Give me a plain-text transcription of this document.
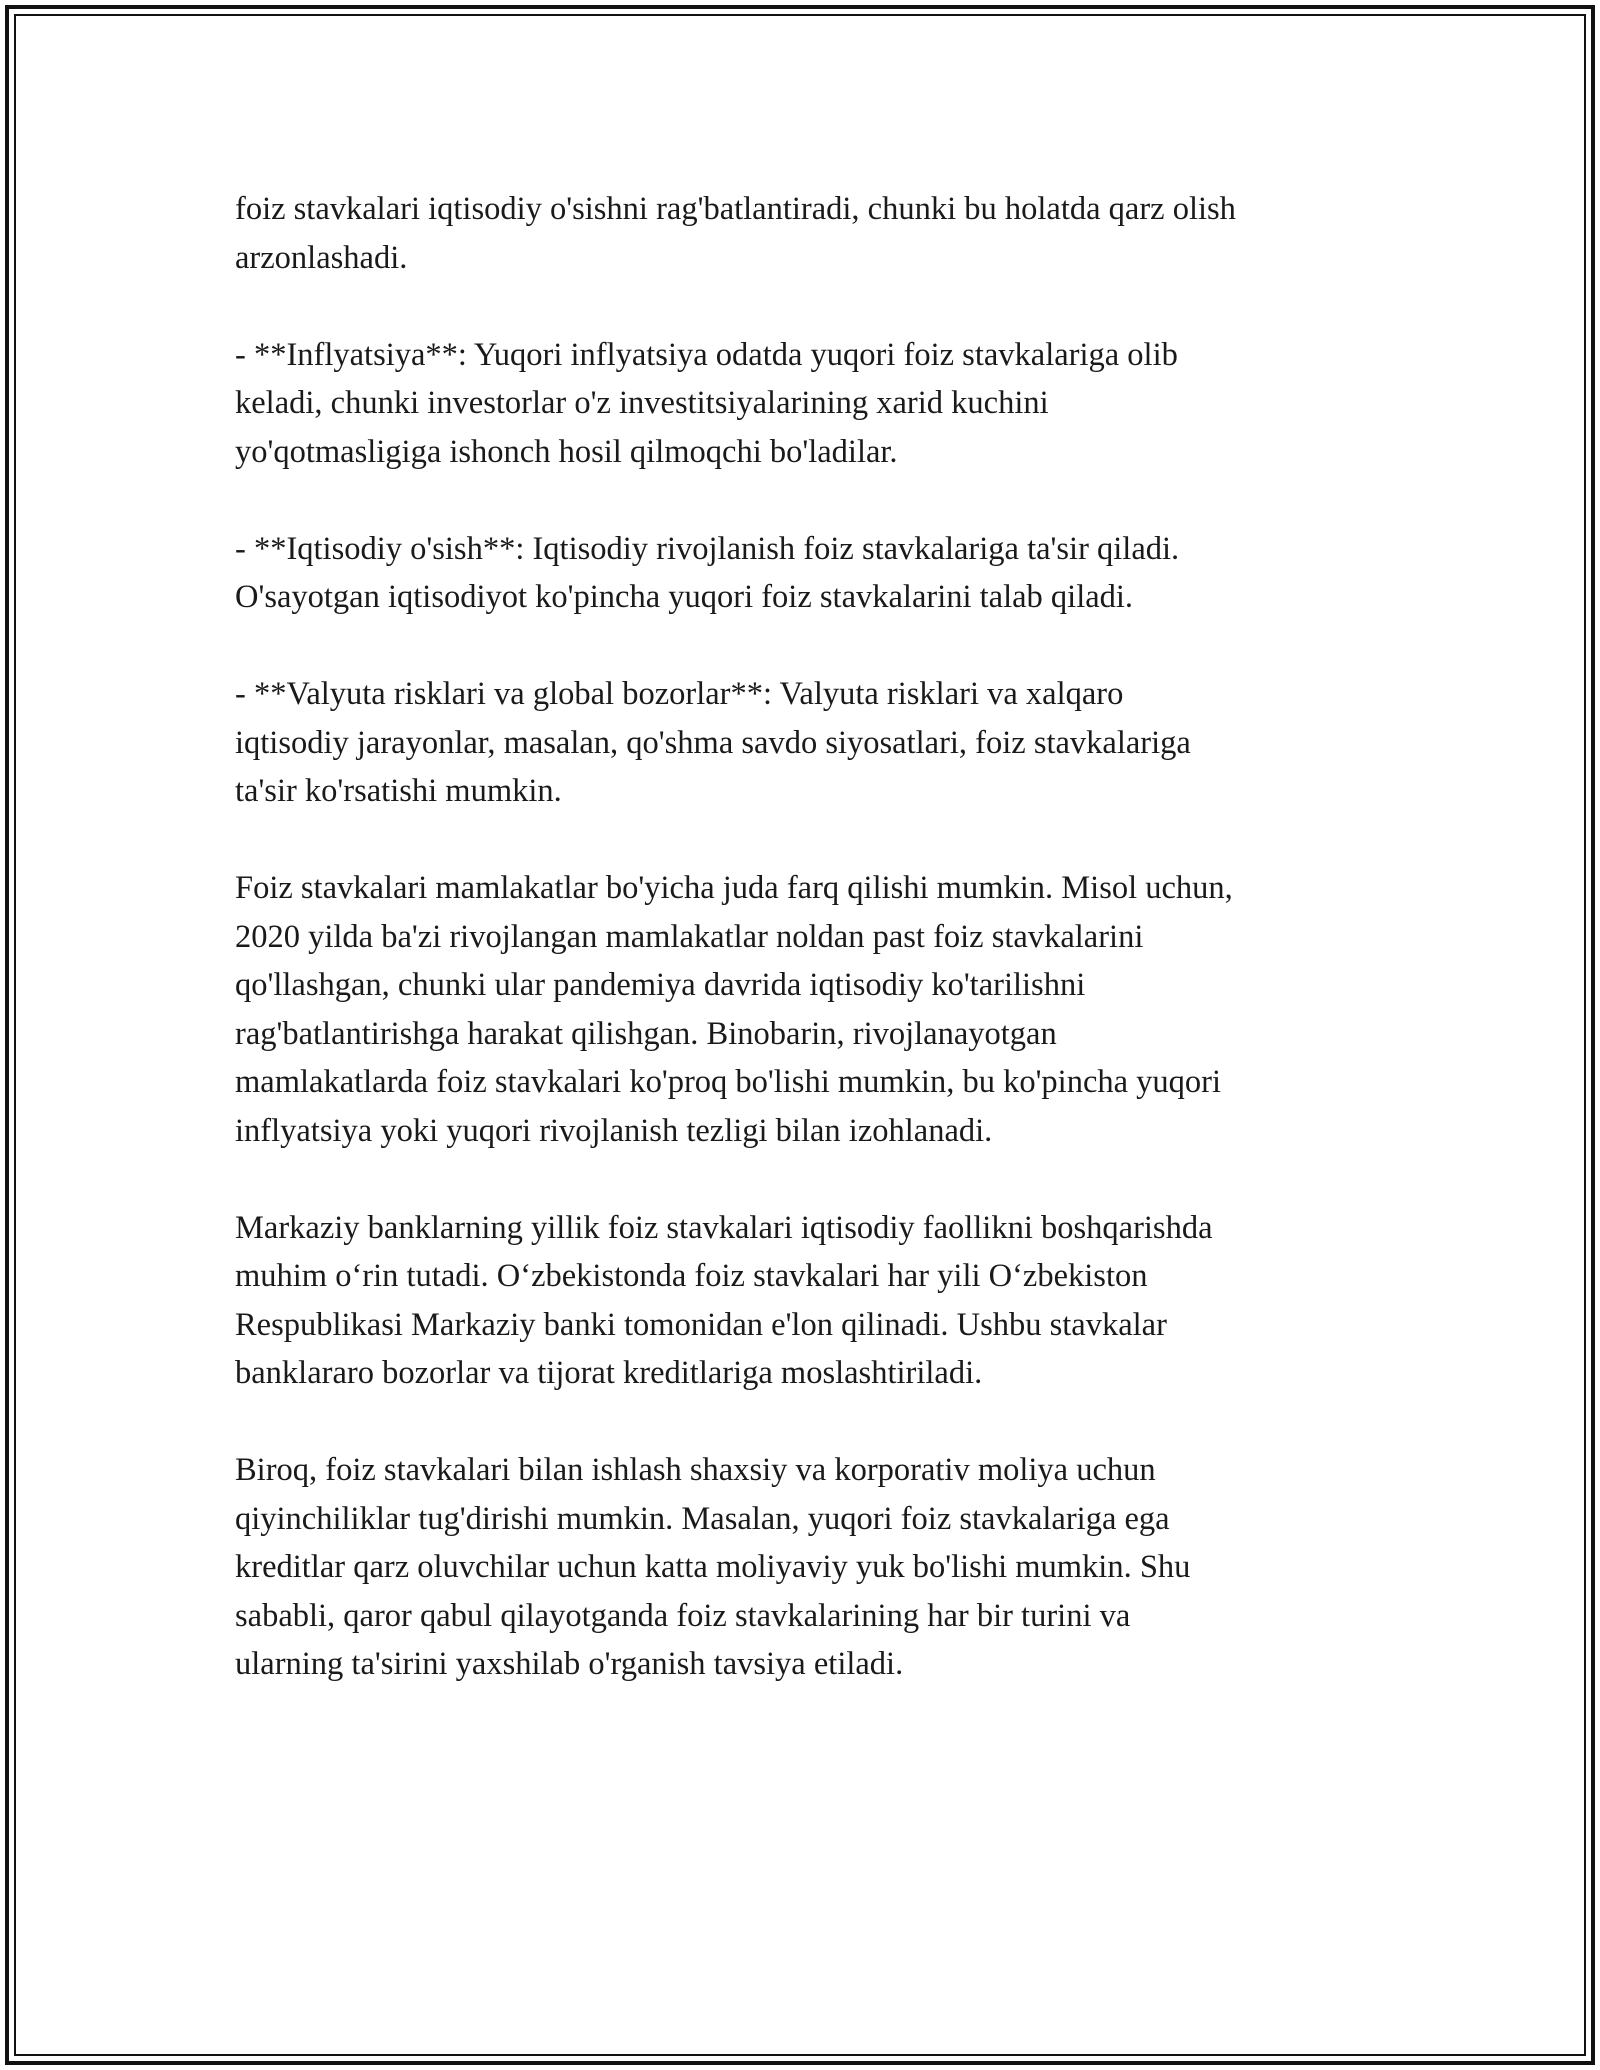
foiz stavkalari iqtisodiy o'sishni rag'batlantiradi, chunki bu holatda qarz olish
arzonlashadi.

- **Inflyatsiya**: Yuqori inflyatsiya odatda yuqori foiz stavkalariga olib
keladi, chunki investorlar o'z investitsiyalarining xarid kuchini
yo'qotmasligiga ishonch hosil qilmoqchi bo'ladilar.

- **Iqtisodiy o'sish**: Iqtisodiy rivojlanish foiz stavkalariga ta'sir qiladi.
O'sayotgan iqtisodiyot ko'pincha yuqori foiz stavkalarini talab qiladi.

- **Valyuta risklari va global bozorlar**: Valyuta risklari va xalqaro
iqtisodiy jarayonlar, masalan, qo'shma savdo siyosatlari, foiz stavkalariga
ta'sir ko'rsatishi mumkin.

Foiz stavkalari mamlakatlar bo'yicha juda farq qilishi mumkin. Misol uchun,
2020 yilda ba'zi rivojlangan mamlakatlar noldan past foiz stavkalarini
qo'llashgan, chunki ular pandemiya davrida iqtisodiy ko'tarilishni
rag'batlantirishga harakat qilishgan. Binobarin, rivojlanayotgan
mamlakatlarda foiz stavkalari ko'proq bo'lishi mumkin, bu ko'pincha yuqori
inflyatsiya yoki yuqori rivojlanish tezligi bilan izohlanadi.

Markaziy banklarning yillik foiz stavkalari iqtisodiy faollikni boshqarishda
muhim o‘rin tutadi. O‘zbekistonda foiz stavkalari har yili O‘zbekiston
Respublikasi Markaziy banki tomonidan e'lon qilinadi. Ushbu stavkalar
banklararo bozorlar va tijorat kreditlariga moslashtiriladi.

Biroq, foiz stavkalari bilan ishlash shaxsiy va korporativ moliya uchun
qiyinchiliklar tug'dirishi mumkin. Masalan, yuqori foiz stavkalariga ega
kreditlar qarz oluvchilar uchun katta moliyaviy yuk bo'lishi mumkin. Shu
sababli, qaror qabul qilayotganda foiz stavkalarining har bir turini va
ularning ta'sirini yaxshilab o'rganish tavsiya etiladi.
